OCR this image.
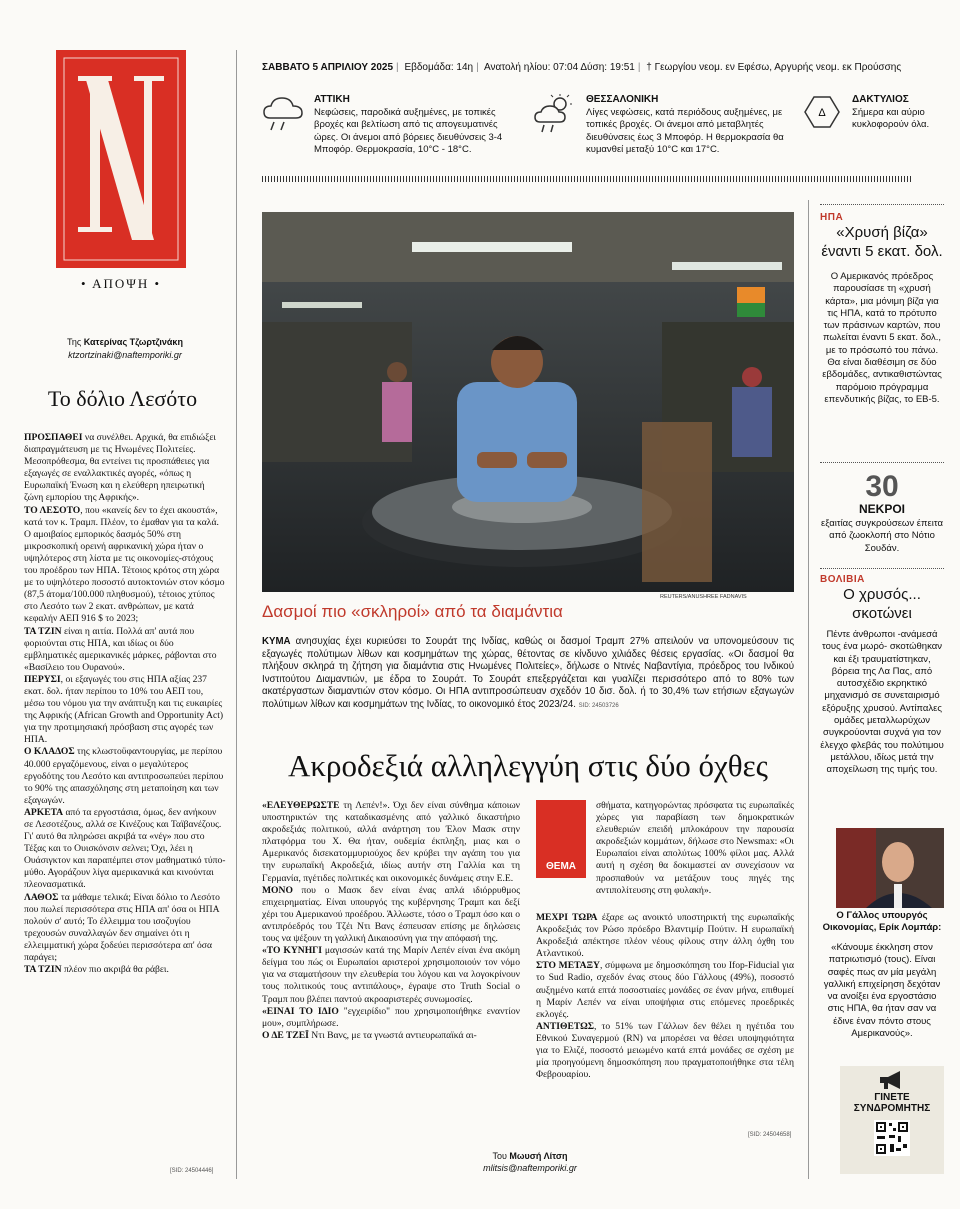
• ΑΠΟΨΗ •
Της Κατερίνας Τζωρτζινάκη
ktzortzinaki@naftemporiki.gr
Το δόλιο Λεσότο

ΠΡΟΣΠΑΘΕΙ να συνέλθει. Αρχικά, θα επιδιώξει διαπραγμάτευση με τις Ηνωμένες Πολιτείες. Μεσοπρόθεσμα, θα εντείνει τις προσπάθειες για εξαγωγές σε εναλλακτικές αγορές, «όπως η Ευρωπαϊκή Ένωση και η ελεύθερη ηπειρωτική ζώνη εμπορίου της Αφρικής».

ΤΟ ΛΕΣΟΤΟ, που «κανείς δεν το έχει ακουστά», κατά τον κ. Τραμπ. Πλέον, το έμαθαν για τα καλά. Ο αμοιβαίος εμπορικός δασμός 50% στη μικροσκοπική ορεινή αφρικανική χώρα ήταν ο υψηλότερος στη λίστα με τις οικονομίες-στόχους του προέδρου των ΗΠΑ. Τέτοιος κρότος στη χώρα με το υψηλότερο ποσοστό αυτοκτονιών στον κόσμο (87,5 άτομα/100.000 πληθυσμού), τέτοιος χτύπος στο Λεσότο των 2 εκατ. ανθρώπων, με κατά κεφαλήν ΑΕΠ 916 $ το 2023;

ΤΑ ΤΖΙΝ είναι η αιτία. Πολλά απ' αυτά που φοριούνται στις ΗΠΑ, και ιδίως οι δύο εμβληματικές αμερικανικές μάρκες, ράβονται στο «Βασίλειο του Ουρανού».

ΠΕΡΥΣΙ, οι εξαγωγές του στις ΗΠΑ αξίας 237 εκατ. δολ. ήταν περίπου το 10% του ΑΕΠ του, μέσω του νόμου για την ανάπτυξη και τις ευκαιρίες της Αφρικής (African Growth and Opportunity Act) για την προτιμησιακή πρόσβαση στις αγορές των ΗΠΑ.

Ο ΚΛΑΔΟΣ της κλωστοϋφαντουργίας, με περίπου 40.000 εργαζόμενους, είναι ο μεγαλύτερος εργοδότης του Λεσότο και αντιπροσωπεύει περίπου το 90% της απασχόλησης στη μεταποίηση και των εξαγωγών.

ΑΡΚΕΤΑ από τα εργοστάσια, όμως, δεν ανήκουν σε Λεσοτέζους, αλλά σε Κινέζους και Ταϊβανέζους. Γι' αυτό θα πληρώσει ακριβά τα «νέγ» που στο Τέξας και το Ουισκόνσιν σελνει; Όχι, λέει η Ουάσιγκτον και παραπέμπει στον μαθηματικό τύπο-μύθο. Αγοράζουν λίγα αμερικανικά και κινούνται πλεονασματικά.

ΛΑΘΟΣ τα μάθαμε τελικά; Είναι δόλιο το Λεσότο που πωλεί περισσότερα στις ΗΠΑ απ' όσα οι ΗΠΑ πολούν σ' αυτό; Το έλλειμμα του ισοζυγίου τρεχουσών συναλλαγών δεν σημαίνει ότι η ελλειμματική χώρα ξοδεύει περισσότερα απ' όσα παράγει;

ΤΑ ΤΖΙΝ πλέον πιο ακριβά θα ράβει.

[SID: 24504446]
ΣΑΒΒΑΤΟ 5 ΑΠΡΙΛΙΟΥ 2025 | Εβδομάδα: 14η | Ανατολή ηλίου: 07:04 Δύση: 19:51 | † Γεωργίου νεομ. εν Εφέσω, Αργυρής νεομ. εκ Προύσσης
ΑΤΤΙΚΗ
Νεφώσεις, παροδικά αυξημένες, με τοπικές βροχές και βελτίωση από τις απογευματινές ώρες. Οι άνεμοι από βόρειες διευθύνσεις 3-4 Μποφόρ. Θερμοκρασία, 10°C - 18°C.
ΘΕΣΣΑΛΟΝΙΚΗ
Λίγες νεφώσεις, κατά περιόδους αυξημένες, με τοπικές βροχές. Οι άνεμοι από μεταβλητές διευθύνσεις έως 3 Μποφόρ. Η θερμοκρασία θα κυμανθεί μεταξύ 10°C και 17°C.
Δ
ΔΑΚΤΥΛΙΟΣ
Σήμερα και αύριο κυκλοφορούν όλα.
REUTERS/ANUSHREE FADNAVIS
Δασμοί πιο «σκληροί» από τα διαμάντια
ΚΥΜΑ ανησυχίας έχει κυριεύσει το Σουράτ της Ινδίας, καθώς οι δασμοί Τραμπ 27% απειλούν να υπονομεύσουν τις εξαγωγές πολύτιμων λίθων και κοσμημάτων της χώρας, θέτοντας σε κίνδυνο χιλιάδες θέσεις εργασίας. «Οι δασμοί θα πλήξουν σκληρά τη ζήτηση για διαμάντια στις Ηνωμένες Πολιτείες», δήλωσε ο Ντινές Ναβαντίγια, πρόεδρος του Ινδικού Ινστιτούτου Διαμαντιών, με έδρα το Σουράτ. Το Σουράτ επεξεργάζεται και γυαλίζει περισσότερο από το 80% των ακατέργαστων διαμαντιών στον κόσμο. Οι ΗΠΑ αντιπροσώπευαν σχεδόν 10 δισ. δολ. ή το 30,4% των ετήσιων εξαγωγών πολύτιμων λίθων και κοσμημάτων της Ινδίας, το οικονομικό έτος 2023/24. SID: 24503726
Ακροδεξιά αλληλεγγύη στις δύο όχθες

«ΕΛΕΥΘΕΡΩΣΤΕ τη Λεπέν!». Όχι δεν είναι σύνθημα κάποιων υποστηρικτών της καταδικασμένης από γαλλικό δικαστήριο ακροδεξιάς πολιτικού, αλλά ανάρτηση του Έλον Μασκ στην πλατφόρμα του Χ. Θα ήταν, ουδεμία έκπληξη, μιας και ο Αμερικανός δισεκατομμυριούχος δεν κρύβει την αγάπη του για την ευρωπαϊκή Ακροδεξιά, ιδίως αυτήν στη Γαλλία και τη Γερμανία, πγέτιδες πολιτικές και οικονομικές δυνάμεις στην Ε.Ε.

ΜΟΝΟ που ο Μασκ δεν είναι ένας απλά ιδιόρρυθμος επιχειρηματίας. Είναι υπουργός της κυβέρνησης Τραμπ και δεξί χέρι του Αμερικανού προέδρου. Άλλωστε, τόσο ο Τραμπ όσο και ο αντιπρόεδρός του Τζέι Ντι Βανς έσπευσαν επίσης με δηλώσεις τους να ψέξουν τη γαλλική Δικαιοσύνη για την απόφασή της.

«ΤΟ ΚΥΝΗΓΙ μαγισσών κατά της Μαρίν Λεπέν είναι ένα ακόμη δείγμα του πώς οι Ευρωπαίοι αριστεροί χρησιμοποιούν τον νόμο για να σταματήσουν την ελευθερία του λόγου και να λογοκρίνουν τους πολιτικούς τους αντιπάλους», έγραψε στο Truth Social ο Τραμπ που βλέπει παντού ακροαριστερές συνωμοσίες.

«ΕΙΝΑΙ ΤΟ ΙΔΙΟ "εγχειρίδιο" που χρησιμοποιήθηκε εναντίον μου», συμπλήρωσε.

Ο ΔΕ ΤΖΕΪ Ντι Βανς, με τα γνωστά αντιευρωπαϊκά αι-

ΘΕΜΑ

σθήματα, κατηγορώντας πρόσφατα τις ευρωπαϊκές χώρες για παραβίαση των δημοκρατικών ελευθεριών επειδή μπλοκάρουν την παρουσία ακροδεξιών κομμάτων, δήλωσε στο Newsmax: «Οι Ευρωπαίοι είναι απολύτως 100% φίλοι μας. Αλλά αυτή η σχέση θα δοκιμαστεί αν συνεχίσουν να προσπαθούν να μετάξουν τους πηγές της αντιπολίτευσης στη φυλακή».

ΜΕΧΡΙ ΤΩΡΑ έξαρε ως ανοικτό υποστηρικτή της ευρωπαϊκής Ακροδεξιάς τον Ρώσο πρόεδρο Βλαντιμίρ Πούτιν. Η ευρωπαϊκή Ακροδεξιά απέκτησε πλέον νέους φίλους στην άλλη όχθη του Ατλαντικού.

ΣΤΟ ΜΕΤΑΞΥ, σύμφωνα με δημοσκόπηση του Ifop-Fiducial για το Sud Radio, σχεδόν ένας στους δύο Γάλλους (49%), ποσοστό αυξημένο κατά επτά ποσοστιαίες μονάδες σε έναν μήνα, επιθυμεί η Μαρίν Λεπέν να είναι υποψήφια στις επόμενες προεδρικές εκλογές.

ΑΝΤΙΘΕΤΩΣ, το 51% των Γάλλων δεν θέλει η ηγέτιδα του Εθνικού Συναγερμού (RN) να μπορέσει να θέσει υποψηφιότητα για το Ελιζέ, ποσοστό μειωμένο κατά επτά μονάδες σε σχέση με μία προηγούμενη δημοσκόπηση που πραγματοποιήθηκε στα τέλη Φεβρουαρίου.

[SID: 24504658]
Του Μωυσή Λίτση
mlitsis@naftemporiki.gr
ΗΠΑ
«Χρυσή βίζα» έναντι 5 εκατ. δολ.
Ο Αμερικανός πρόεδρος παρουσίασε τη «χρυσή κάρτα», μια μόνιμη βίζα για τις ΗΠΑ, κατά το πρότυπο των πράσινων καρτών, που πωλείται έναντι 5 εκατ. δολ., με το πρόσωπό του πάνω. Θα είναι διαθέσιμη σε δύο εβδομάδες, αντικαθιστώντας παρόμοιο πρόγραμμα επενδυτικής βίζας, το ΕΒ-5.
30
ΝΕΚΡΟΙ
εξαιτίας συγκρούσεων έπειτα από ζωοκλοπή στο Νότιο Σουδάν.
ΒΟΛΙΒΙΑ
Ο χρυσός... σκοτώνει
Πέντε άνθρωποι -ανάμεσά τους ένα μωρό- σκοτώθηκαν και έξι τραυματίστηκαν, βόρεια της Λα Πας, από αυτοσχέδιο εκρηκτικό μηχανισμό σε συνεταιρισμό εξόρυξης χρυσού. Αντίπαλες ομάδες μεταλλωρύχων συγκρούονται συχνά για τον έλεγχο φλεβάς του πολύτιμου μετάλλου, ιδίως μετά την αποχείλωση της τιμής του.
Ο Γάλλος υπουργός Οικονομίας, Ερίκ Λομπάρ:
«Κάνουμε έκκληση στον πατριωτισμό (τους). Είναι σαφές πως αν μία μεγάλη γαλλική επιχείρηση δεχόταν να ανοίξει ένα εργοστάσιο στις ΗΠΑ, θα ήταν σαν να έδινε έναν πόντο στους Αμερικανούς».
ΓΙΝΕΤΕ ΣΥΝΔΡΟΜΗΤΗΣ
